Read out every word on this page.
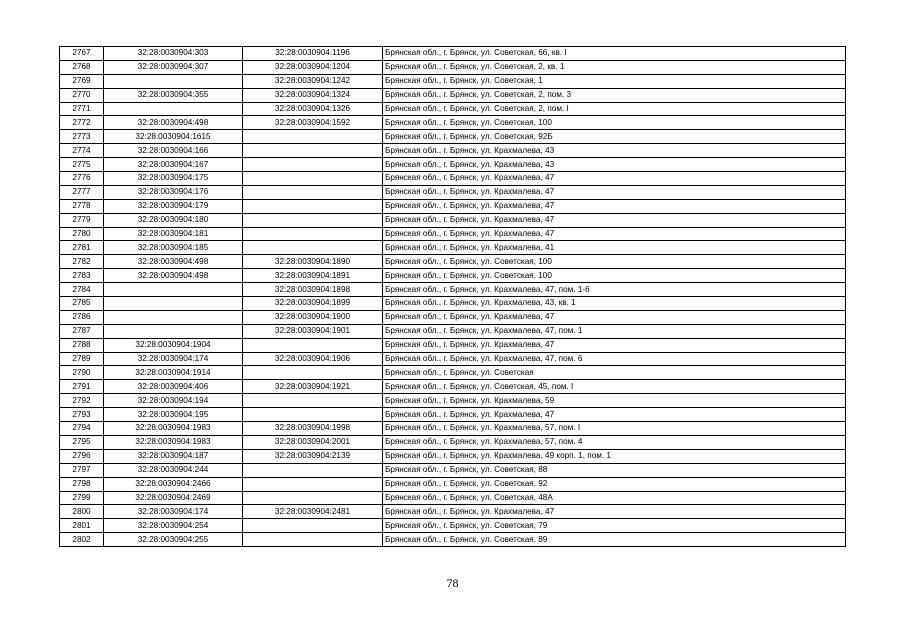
2767	32:28:0030904:303	32:28:0030904:1196	Брянская обл., г. Брянск, ул. Советская, 66, кв. I
2768	32:28:0030904:307	32:28:0030904:1204	Брянская обл., г. Брянск, ул. Советская, 2, кв. 1
2769		32:28:0030904:1242	Брянская обл., г. Брянск, ул. Советская, 1
2770	32:28:0030904:355	32:28:0030904:1324	Брянская обл., г. Брянск, ул. Советская, 2, пом. 3
2771		32:28:0030904:1326	Брянская обл., г. Брянск, ул. Советская, 2, пом. I
2772	32:28:0030904:498	32:28:0030904:1592	Брянская обл., г. Брянск, ул. Советская, 100
2773	32:28:0030904:1615		Брянская обл., г. Брянск, ул. Советская, 92Б
2774	32:28:0030904:166		Брянская обл., г. Брянск, ул. Крахмалева, 43
2775	32:28:0030904:167		Брянская обл., г. Брянск, ул. Крахмалева, 43
2776	32:28:0030904:175		Брянская обл., г. Брянск, ул. Крахмалева, 47
2777	32:28:0030904:176		Брянская обл., г. Брянск, ул. Крахмалева, 47
2778	32:28:0030904:179		Брянская обл., г. Брянск, ул. Крахмалева, 47
2779	32:28:0030904:180		Брянская обл., г. Брянск, ул. Крахмалева, 47
2780	32:28:0030904:181		Брянская обл., г. Брянск, ул. Крахмалева, 47
2781	32:28:0030904:185		Брянская обл., г. Брянск, ул. Крахмалева, 41
2782	32:28:0030904:498	32:28:0030904:1890	Брянская обл., г. Брянск, ул. Советская, 100
2783	32:28:0030904:498	32:28:0030904:1891	Брянская обл., г. Брянск, ул. Советская, 100
2784		32:28:0030904:1898	Брянская обл., г. Брянск, ул. Крахмалева, 47, пом. 1-6
2785		32:28:0030904:1899	Брянская обл., г. Брянск, ул. Крахмалева, 43, кв. 1
2786		32:28:0030904:1900	Брянская обл., г. Брянск, ул. Крахмалева, 47
2787		32:28:0030904:1901	Брянская обл., г. Брянск, ул. Крахмалева, 47, пом. 1
2788	32:28:0030904:1904		Брянская обл., г. Брянск, ул. Крахмалева, 47
2789	32:28:0030904:174	32:28:0030904:1906	Брянская обл., г. Брянск, ул. Крахмалева, 47, пом. 6
2790	32:28:0030904:1914		Брянская обл., г. Брянск, ул. Советская
2791	32:28:0030904:406	32:28:0030904:1921	Брянская обл., г. Брянск, ул. Советская, 45, пом. I
2792	32:28:0030904:194		Брянская обл., г. Брянск, ул. Крахмалева, 59
2793	32:28:0030904:195		Брянская обл., г. Брянск, ул. Крахмалева, 47
2794	32:28:0030904:1983	32:28:0030904:1998	Брянская обл., г. Брянск, ул. Крахмалева, 57, пом. I
2795	32:28:0030904:1983	32:28:0030904:2001	Брянская обл., г. Брянск, ул. Крахмалева, 57, пом. 4
2796	32:28:0030904:187	32:28:0030904:2139	Брянская обл., г. Брянск, ул. Крахмалева, 49 корп. 1, пом. 1
2797	32:28:0030904:244		Брянская обл., г. Брянск, ул. Советская, 88
2798	32:28:0030904:2466		Брянская обл., г. Брянск, ул. Советская, 92
2799	32:28:0030904:2469		Брянская обл., г. Брянск, ул. Советская, 48А
2800	32:28:0030904:174	32:28:0030904:2481	Брянская обл., г. Брянск, ул. Крахмалева, 47
2801	32:28:0030904:254		Брянская обл., г. Брянск, ул. Советская, 79
2802	32:28:0030904:255		Брянская обл., г. Брянск, ул. Советская, 89
78
